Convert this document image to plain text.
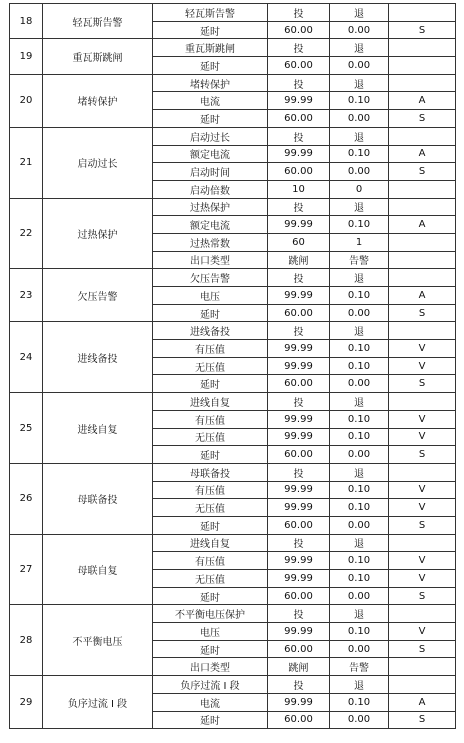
18	轻瓦斯告警	轻瓦斯告警	投	退	
		延时	60.00	0.00	S
19	重瓦斯跳闸	重瓦斯跳闸	投	退	
		延时	60.00	0.00	
20	堵转保护	堵转保护	投	退	
		电流	99.99	0.10	A
		延时	60.00	0.00	S
21	启动过长	启动过长	投	退	
		额定电流	99.99	0.10	A
		启动时间	60.00	0.00	S
		启动倍数	10	0	
22	过热保护	过热保护	投	退	
		额定电流	99.99	0.10	A
		过热常数	60	1	
		出口类型	跳闸	告警	
23	欠压告警	欠压告警	投	退	
		电压	99.99	0.10	A
		延时	60.00	0.00	S
24	进线备投	进线备投	投	退	
		有压值	99.99	0.10	V
		无压值	99.99	0.10	V
		延时	60.00	0.00	S
25	进线自复	进线自复	投	退	
		有压值	99.99	0.10	V
		无压值	99.99	0.10	V
		延时	60.00	0.00	S
26	母联备投	母联备投	投	退	
		有压值	99.99	0.10	V
		无压值	99.99	0.10	V
		延时	60.00	0.00	S
27	母联自复	进线自复	投	退	
		有压值	99.99	0.10	V
		无压值	99.99	0.10	V
		延时	60.00	0.00	S
28	不平衡电压	不平衡电压保护	投	退	
		电压	99.99	0.10	V
		延时	60.00	0.00	S
		出口类型	跳闸	告警	
29	负序过流 I 段	负序过流 I 段	投	退	
		电流	99.99	0.10	A
		延时	60.00	0.00	S
